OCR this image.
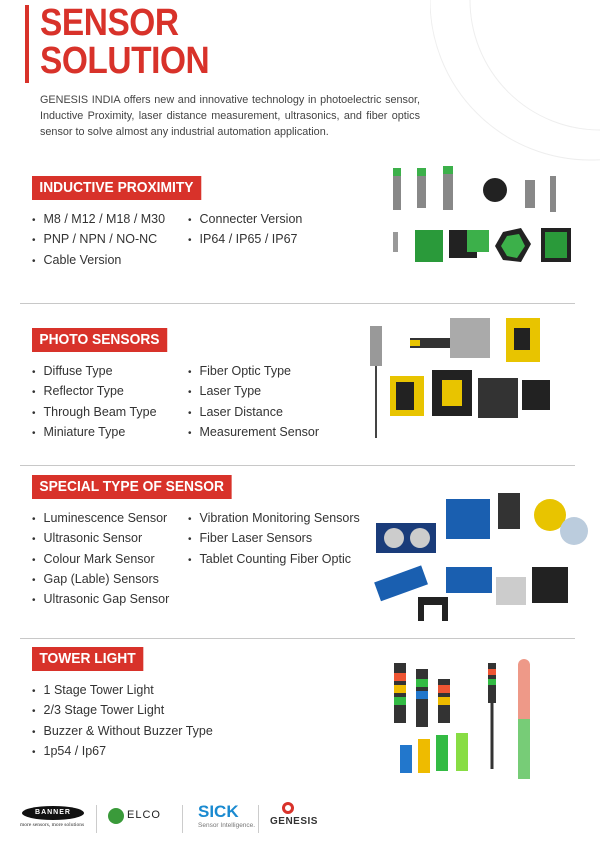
SENSOR
SOLUTION

GENESIS INDIA offers new and innovative technology in photoelectric sensor, Inductive Proximity, laser distance measurement, ultrasonics, and fiber optics sensor to solve almost any industrial automation application.

INDUCTIVE PROXIMITY
• M8 / M12 / M18 / M30
• PNP / NPN / NO-NC
• Cable Version
• Connecter Version
• IP64 / IP65 / IP67
PHOTO SENSORS
• Diffuse Type
• Reflector Type
• Through Beam Type
• Miniature Type
• Fiber Optic Type
• Laser Type
• Laser Distance
• Measurement Sensor
SPECIAL TYPE OF SENSOR
• Luminescence Sensor
• Ultrasonic Sensor
• Colour Mark Sensor
• Gap (Lable) Sensors
• Ultrasonic Gap Sensor
• Vibration Monitoring Sensors
• Fiber Laser Sensors
• Tablet Counting Fiber Optic
TOWER LIGHT
• 1 Stage Tower Light
• 2/3 Stage Tower Light
• Buzzer & Without Buzzer Type
• 1p54 / Ip67
BANNER
more sensors, more solutions
ELCO SICK
Sensor Intelligence. GENESIS
